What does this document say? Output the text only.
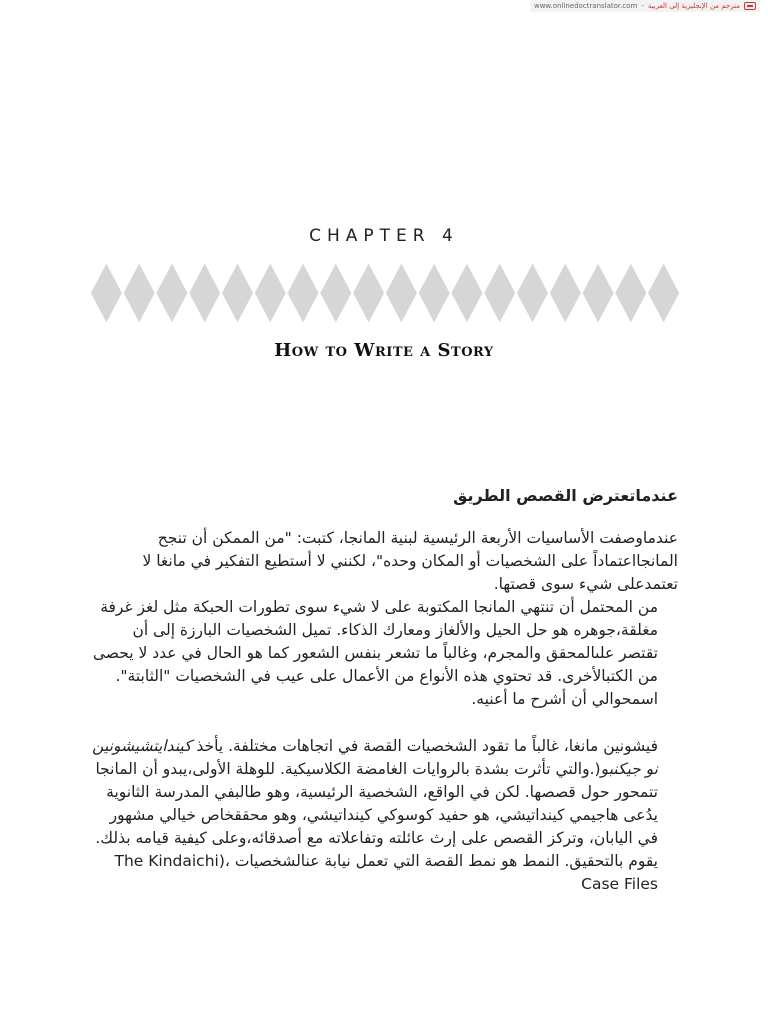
www.onlinedoctranslator.com - مترجم من الإنجليزية إلى العربية
CHAPTER 4
How to Write a Story
عندماتعترض القصص الطريق

عندماوصفت الأساسيات الأربعة الرئيسية لبنية المانجا، كتبت: "من الممكن أن تنجح المانجااعتماداً على الشخصيات أو المكان وحده"، لكنني لا أستطيع التفكير في مانغا لا تعتمدعلى شيء سوى قصتها.

من المحتمل أن تنتهي المانجا المكتوبة على لا شيء سوى تطورات الحبكة مثل لغز غرفة مغلقة،جوهره هو حل الحيل والألغاز ومعارك الذكاء. تميل الشخصيات البارزة إلى أن تقتصر علىالمحقق والمجرم، وغالباً ما تشعر بنفس الشعور كما هو الحال في عدد لا يحصى من الكتبالأخرى. قد تحتوي هذه الأنواع من الأعمال على عيب في الشخصيات "الثابتة". اسمحوالي أن أشرح ما أعنيه.

فيشونين مانغا، غالباً ما تقود الشخصيات القصة في اتجاهات مختلفة. يأخذ كيندايتشيشونين نو جيكنبو(.والتي تأثرت بشدة بالروايات الغامضة الكلاسيكية. للوهلة الأولى،يبدو أن المانجا تتمحور حول قصصها. لكن في الواقع، الشخصية الرئيسية، وهو طالبفي المدرسة الثانوية يدُعى هاجيمي كينداتيشي، هو حفيد كوسوكي كينداتيشي، وهو محققخاص خيالي مشهور في اليابان، وتركز القصص على إرث عائلته وتفاعلاته مع أصدقائه،وعلى كيفية قيامه بذلك. يقوم بالتحقيق. النمط هو نمط القصة التي تعمل نيابة عنالشخصيات ،(The Kindaichi Case Files
